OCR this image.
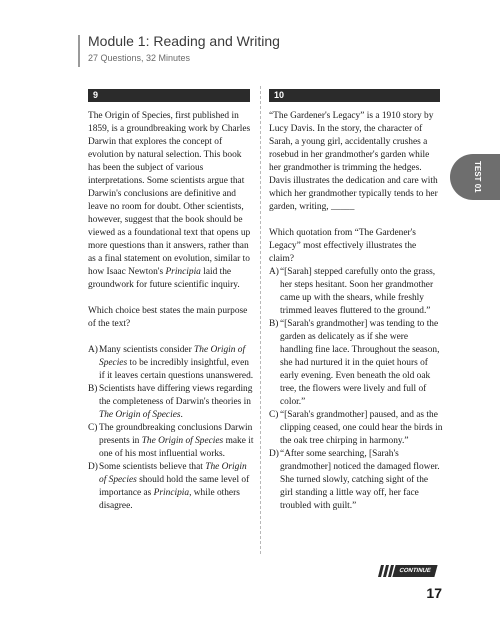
Module 1: Reading and Writing
27 Questions, 32 Minutes
TEST 01
9

The Origin of Species, first published in 1859, is a groundbreaking work by Charles Darwin that explores the concept of evolution by natural selection. This book has been the subject of various interpretations. Some scientists argue that Darwin's conclusions are definitive and leave no room for doubt. Other scientists, however, suggest that the book should be viewed as a foundational text that opens up more questions than it answers, rather than as a final statement on evolution, similar to how Isaac Newton's Principia laid the groundwork for future scientific inquiry.

Which choice best states the main purpose of the text?

A) Many scientists consider The Origin of Species to be incredibly insightful, even if it leaves certain questions unanswered.
B) Scientists have differing views regarding the completeness of Darwin's theories in The Origin of Species.
C) The groundbreaking conclusions Darwin presents in The Origin of Species make it one of his most influential works.
D) Some scientists believe that The Origin of Species should hold the same level of importance as Principia, while others disagree.
10

“The Gardener's Legacy” is a 1910 story by Lucy Davis. In the story, the character of Sarah, a young girl, accidentally crushes a rosebud in her grandmother's garden while her grandmother is trimming the hedges. Davis illustrates the dedication and care with which her grandmother typically tends to her garden, writing, _____

Which quotation from “The Gardener's Legacy” most effectively illustrates the claim?

A) “[Sarah] stepped carefully onto the grass, her steps hesitant. Soon her grandmother came up with the shears, while freshly trimmed leaves fluttered to the ground.”
B) “[Sarah's grandmother] was tending to the garden as delicately as if she were handling fine lace. Throughout the season, she had nurtured it in the quiet hours of early evening. Even beneath the old oak tree, the flowers were lively and full of color.”
C) “[Sarah's grandmother] paused, and as the clipping ceased, one could hear the birds in the oak tree chirping in harmony.”
D) “After some searching, [Sarah's grandmother] noticed the damaged flower. She turned slowly, catching sight of the girl standing a little way off, her face troubled with guilt.”
CONTINUE
17
